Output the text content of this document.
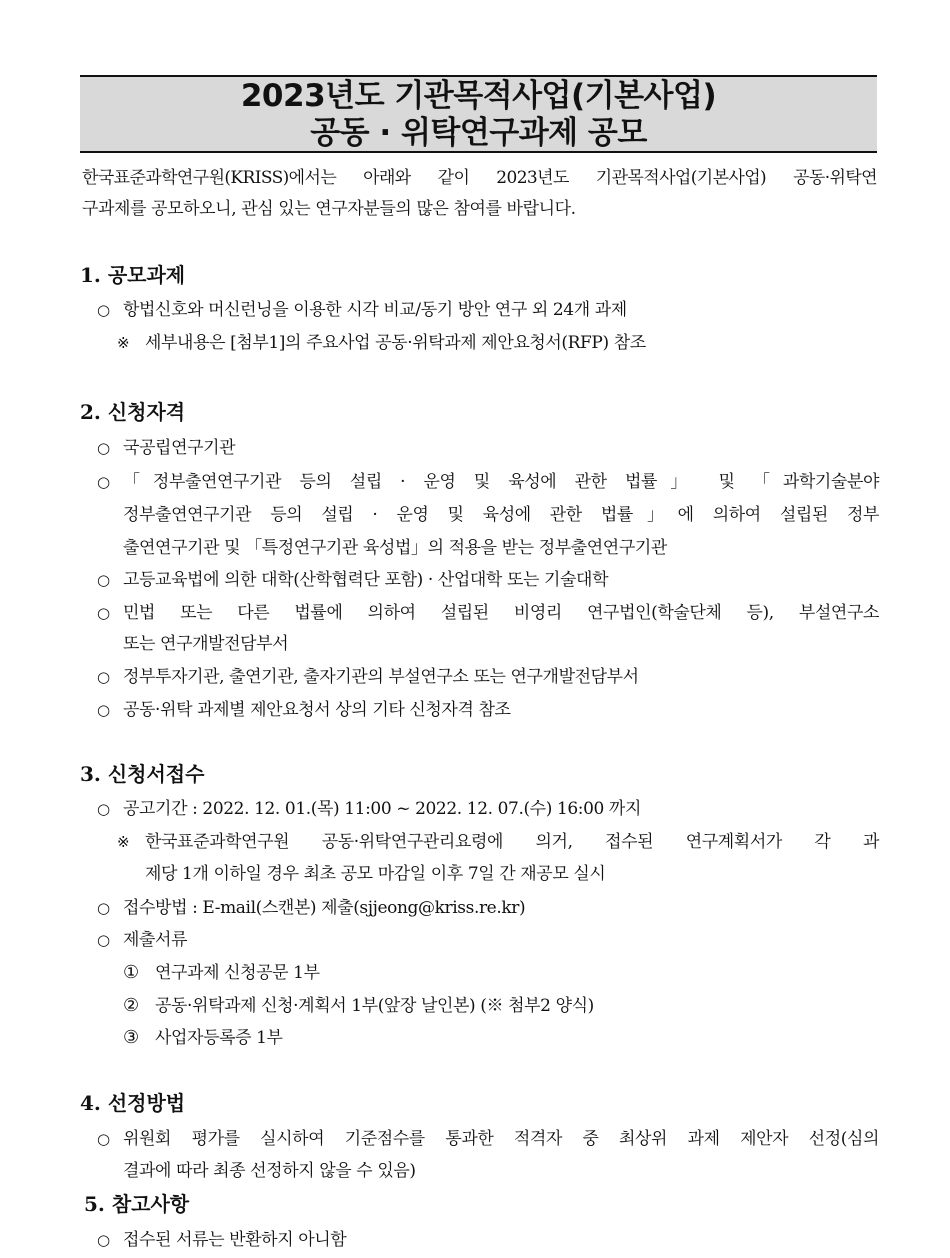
2023년도 기관목적사업(기본사업)
공동 · 위탁연구과제 공모
한국표준과학연구원(KRISS)에서는 아래와 같이 2023년도 기관목적사업(기본사업) 공동·위탁연
구과제를 공모하오니, 관심 있는 연구자분들의 많은 참여를 바랍니다.
1. 공모과제
○ 항법신호와 머신런닝을 이용한 시각 비교/동기 방안 연구 외 24개 과제
※ 세부내용은 [첨부1]의 주요사업 공동·위탁과제 제안요청서(RFP) 참조
2. 신청자격
○ 국공립연구기관
○ 「정부출연연구기관 등의 설립 · 운영 및 육성에 관한 법률」 및 「과학기술분야
정부출연연구기관 등의 설립 · 운영 및 육성에 관한 법률」에 의하여 설립된 정부
출연연구기관 및 「특정연구기관 육성법」의 적용을 받는 정부출연연구기관
○ 고등교육법에 의한 대학(산학협력단 포함) · 산업대학 또는 기술대학
○ 민법 또는 다른 법률에 의하여 설립된 비영리 연구법인(학술단체 등), 부설연구소
또는 연구개발전담부서
○ 정부투자기관, 출연기관, 출자기관의 부설연구소 또는 연구개발전담부서
○ 공동·위탁 과제별 제안요청서 상의 기타 신청자격 참조
3. 신청서접수
○ 공고기간 : 2022. 12. 01.(목) 11:00 ~ 2022. 12. 07.(수) 16:00 까지
※ 한국표준과학연구원 공동·위탁연구관리요령에 의거, 접수된 연구계획서가 각 과
제당 1개 이하일 경우 최초 공모 마감일 이후 7일 간 재공모 실시
○ 접수방법 : E-mail(스캔본) 제출(sjjeong@kriss.re.kr)
○ 제출서류
① 연구과제 신청공문 1부
② 공동·위탁과제 신청·계획서 1부(앞장 날인본) (※ 첨부2 양식)
③ 사업자등록증 1부
4. 선정방법
○ 위원회 평가를 실시하여 기준점수를 통과한 적격자 중 최상위 과제 제안자 선정(심의
결과에 따라 최종 선정하지 않을 수 있음)
5. 참고사항
○ 접수된 서류는 반환하지 아니함
